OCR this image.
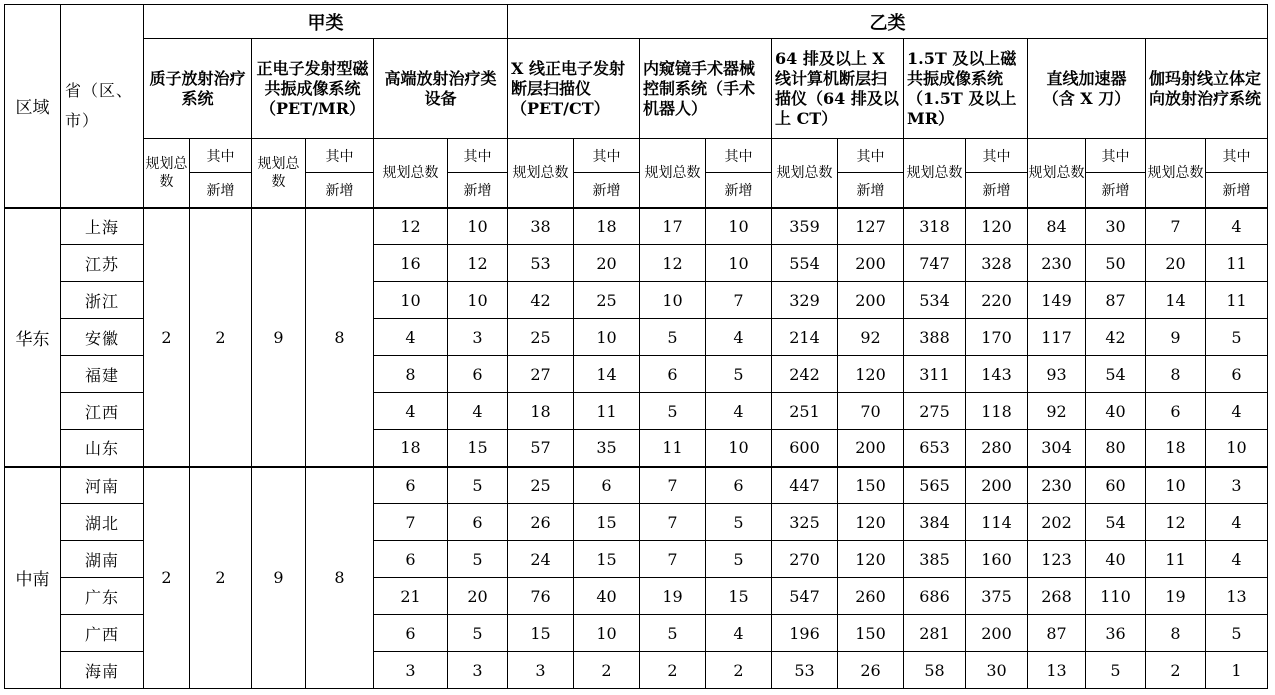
区域	省（区、市）	甲类						乙类											
		质子放射治疗系统		正电子发射型磁共振成像系统（PET/MR）		高端放射治疗类设备		X 线正电子发射断层扫描仪（PET/CT）		内窥镜手术器械控制系统（手术机器人）		64 排及以上 X 线计算机断层扫描仪（64 排及以上 CT）		1.5T 及以上磁共振成像系统（1.5T 及以上 MR）		直线加速器（含 X 刀）		伽玛射线立体定向放射治疗系统	
		规划总数	其中	规划总数	其中	规划总数	其中	规划总数	其中	规划总数	其中	规划总数	其中	规划总数	其中	规划总数	其中	规划总数	其中
			新增		新增		新增		新增		新增		新增		新增		新增		新增
华东	上海	2	2	9	8	12	10	38	18	17	10	359	127	318	120	84	30	7	4
	江苏					16	12	53	20	12	10	554	200	747	328	230	50	20	11
	浙江					10	10	42	25	10	7	329	200	534	220	149	87	14	11
	安徽					4	3	25	10	5	4	214	92	388	170	117	42	9	5
	福建					8	6	27	14	6	5	242	120	311	143	93	54	8	6
	江西					4	4	18	11	5	4	251	70	275	118	92	40	6	4
	山东					18	15	57	35	11	10	600	200	653	280	304	80	18	10
中南	河南	2	2	9	8	6	5	25	6	7	6	447	150	565	200	230	60	10	3
	湖北					7	6	26	15	7	5	325	120	384	114	202	54	12	4
	湖南					6	5	24	15	7	5	270	120	385	160	123	40	11	4
	广东					21	20	76	40	19	15	547	260	686	375	268	110	19	13
	广西					6	5	15	10	5	4	196	150	281	200	87	36	8	5
	海南					3	3	3	2	2	2	53	26	58	30	13	5	2	1
